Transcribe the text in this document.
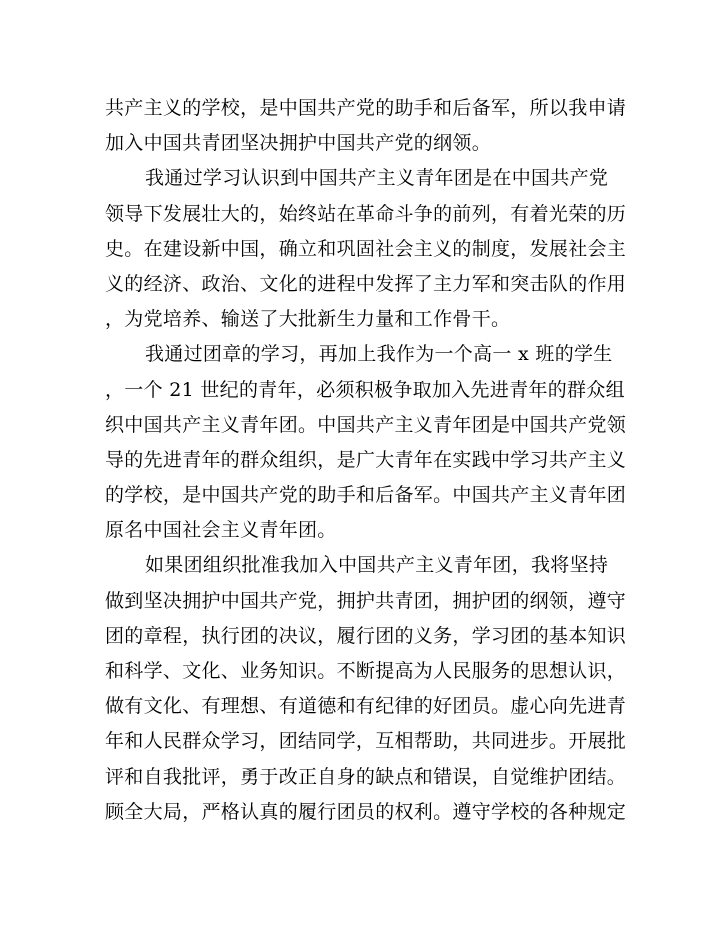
共产主义的学校，是中国共产党的助手和后备军，所以我申请
加入中国共青团坚决拥护中国共产党的纲领。
我通过学习认识到中国共产主义青年团是在中国共产党
领导下发展壮大的，始终站在革命斗争的前列，有着光荣的历
史。在建设新中国，确立和巩固社会主义的制度，发展社会主
义的经济、政治、文化的进程中发挥了主力军和突击队的作用
，为党培养、输送了大批新生力量和工作骨干。
我通过团章的学习，再加上我作为一个高一 x 班的学生
，一个 21 世纪的青年，必须积极争取加入先进青年的群众组
织中国共产主义青年团。中国共产主义青年团是中国共产党领
导的先进青年的群众组织，是广大青年在实践中学习共产主义
的学校，是中国共产党的助手和后备军。中国共产主义青年团
原名中国社会主义青年团。
如果团组织批准我加入中国共产主义青年团，我将坚持
做到坚决拥护中国共产党，拥护共青团，拥护团的纲领，遵守
团的章程，执行团的决议，履行团的义务，学习团的基本知识
和科学、文化、业务知识。不断提高为人民服务的思想认识，
做有文化、有理想、有道德和有纪律的好团员。虚心向先进青
年和人民群众学习，团结同学，互相帮助，共同进步。开展批
评和自我批评，勇于改正自身的缺点和错误，自觉维护团结。
顾全大局，严格认真的履行团员的权利。遵守学校的各种规定
